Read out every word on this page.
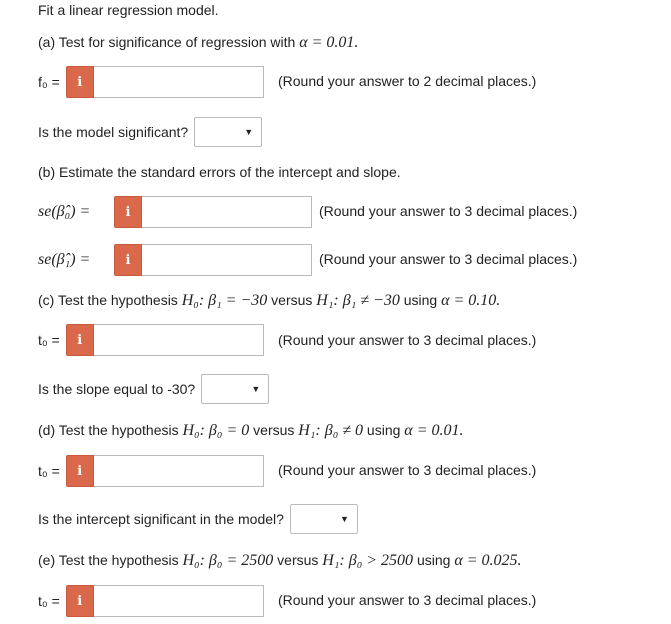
Fit a linear regression model.
(a) Test for significance of regression with α = 0.01.
f₀ =	i	(Round your answer to 2 decimal places.)
Is the model significant?	▼
(b) Estimate the standard errors of the intercept and slope.
se(β̂₀) =	i	(Round your answer to 3 decimal places.)
se(β̂₁) =	i	(Round your answer to 3 decimal places.)
(c) Test the hypothesis H₀: β₁ = −30 versus H₁: β₁ ≠ −30 using α = 0.10.
t₀ =	i	(Round your answer to 3 decimal places.)
Is the slope equal to -30?	▼
(d) Test the hypothesis H₀: β₀ = 0 versus H₁: β₀ ≠ 0 using α = 0.01.
t₀ =	i	(Round your answer to 3 decimal places.)
Is the intercept significant in the model?	▼
(e) Test the hypothesis H₀: β₀ = 2500 versus H₁: β₀ > 2500 using α = 0.025.
t₀ =	i	(Round your answer to 3 decimal places.)
